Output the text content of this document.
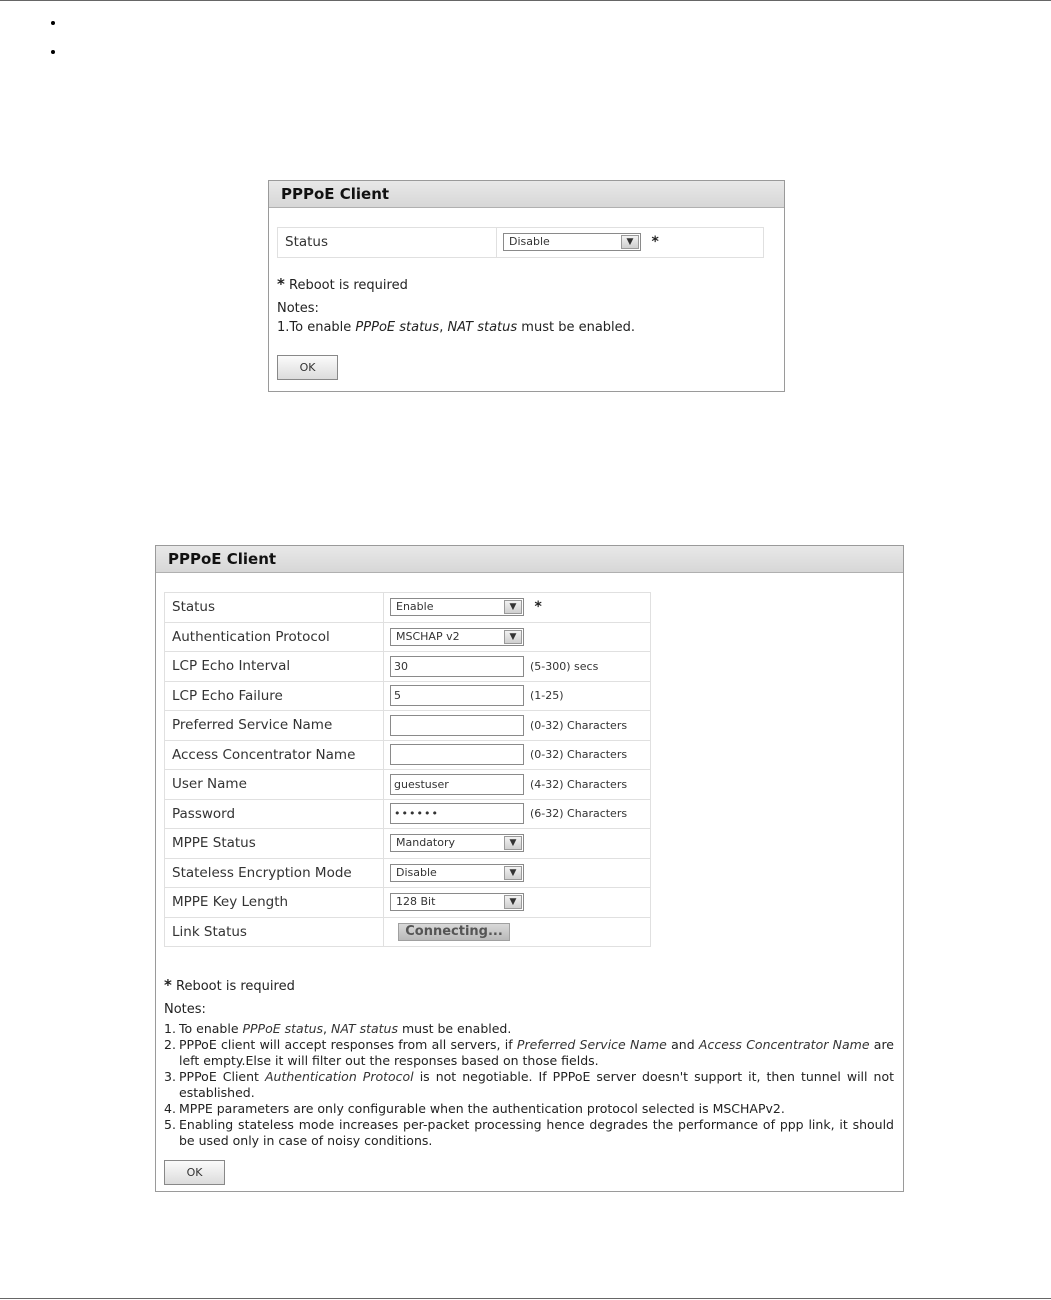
PPPoE Client
Status	Disable	▼	*
* Reboot is required
Notes:
1.To enable PPPoE status, NAT status must be enabled.
OK
PPPoE Client
Status	Enable ▼ *
Authentication Protocol	MSCHAP v2 ▼

LCP Echo Interval	30 (5-300) secs
LCP Echo Failure	5 (1-25)
Preferred Service Name	(0-32) Characters
Access Concentrator Name	(0-32) Characters
User Name	guestuser (4-32) Characters
Password	•••••• (6-32) Characters
MPPE Status	Mandatory ▼

Stateless Encryption Mode	Disable ▼

MPPE Key Length	128 Bit ▼

Link Status	Connecting...
* Reboot is required
Notes:
1. To enable PPPoE status, NAT status must be enabled.
2. PPPoE client will accept responses from all servers, if Preferred Service Name and Access Concentrator Name are left empty.Else it will filter out the responses based on those fields.
3. PPPoE Client Authentication Protocol is not negotiable. If PPPoE server doesn't support it, then tunnel will not established.
4. MPPE parameters are only configurable when the authentication protocol selected is MSCHAPv2.
5. Enabling stateless mode increases per-packet processing hence degrades the performance of ppp link, it should be used only in case of noisy conditions.
OK
